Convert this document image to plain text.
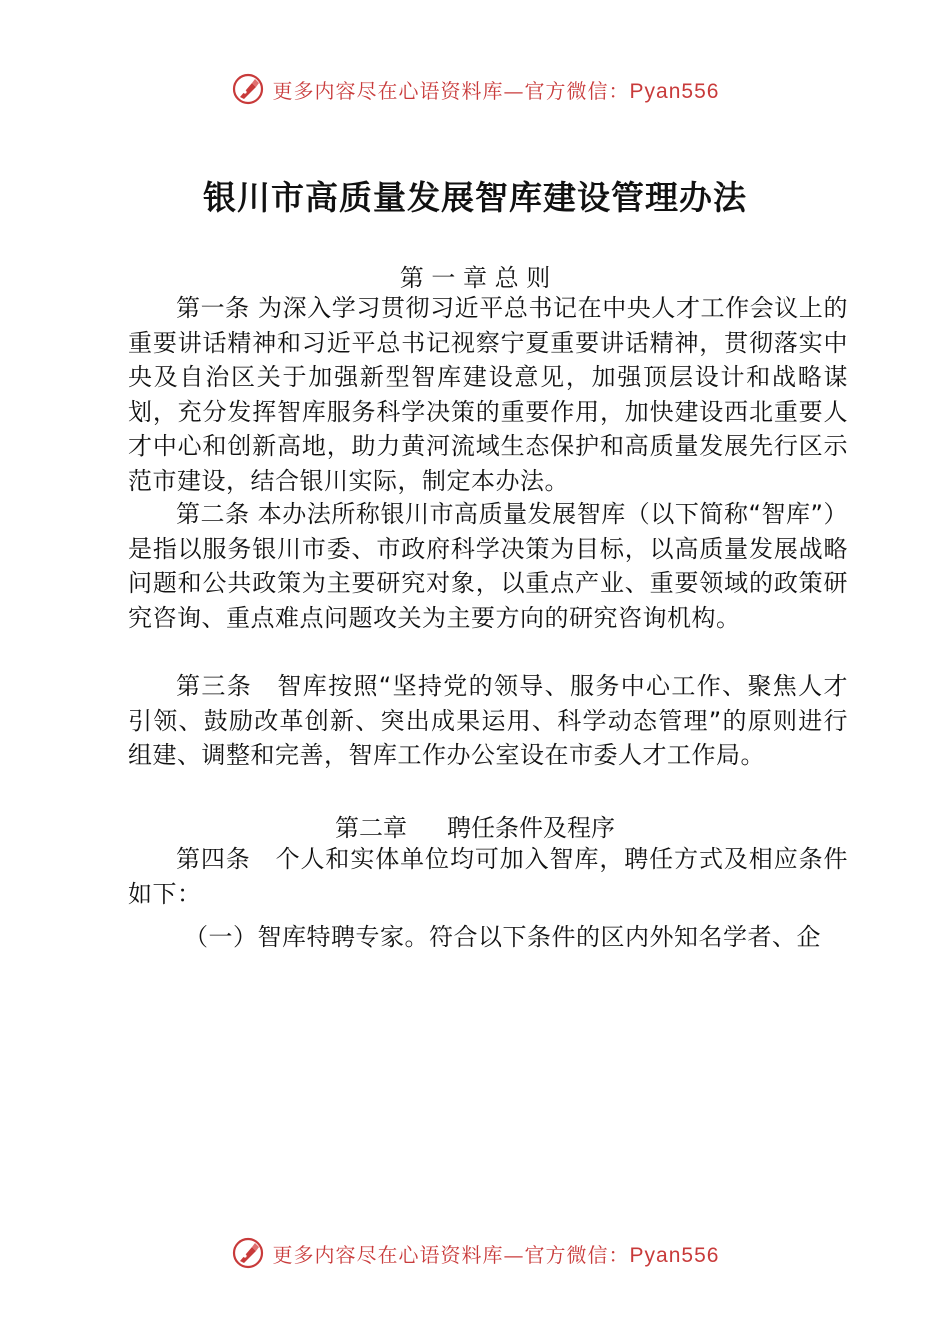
更多内容尽在心语资料库—官方微信：Pyan556
银川市高质量发展智库建设管理办法
第 一 章 总 则

第一条 为深入学习贯彻习近平总书记在中央人才工作会议上的重要讲话精神和习近平总书记视察宁夏重要讲话精神，贯彻落实中央及自治区关于加强新型智库建设意见，加强顶层设计和战略谋划，充分发挥智库服务科学决策的重要作用，加快建设西北重要人才中心和创新高地，助力黄河流域生态保护和高质量发展先行区示范市建设，结合银川实际，制定本办法。

第二条 本办法所称银川市高质量发展智库（以下简称“智库”）是指以服务银川市委、市政府科学决策为目标，以高质量发展战略问题和公共政策为主要研究对象，以重点产业、重要领域的政策研究咨询、重点难点问题攻关为主要方向的研究咨询机构。

第三条　智库按照“坚持党的领导、服务中心工作、聚焦人才引领、鼓励改革创新、突出成果运用、科学动态管理”的原则进行组建、调整和完善，智库工作办公室设在市委人才工作局。

第二章 聘任条件及程序

第四条　个人和实体单位均可加入智库，聘任方式及相应条件如下：

（一）智库特聘专家。符合以下条件的区内外知名学者、企

更多内容尽在心语资料库—官方微信：Pyan556
